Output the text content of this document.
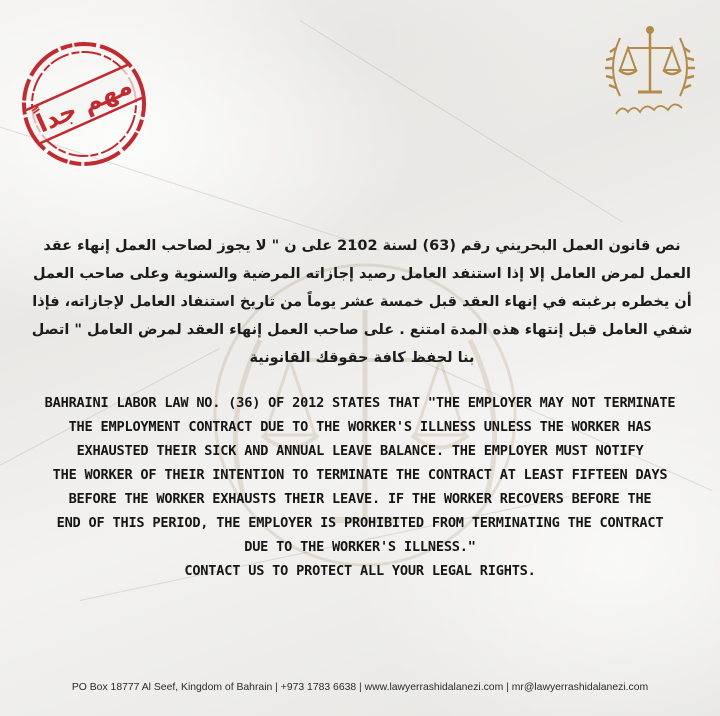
مهم جداً

نص قانون العمل البحريني رقم (63) لسنة 2102 على ن " لا يجوز لصاحب العمل إنهاء عقد العمل لمرض العامل إلا إذا استنفد العامل رصيد إجازاته المرضية والسنوية وعلى صاحب العمل أن يخطره برغبته في إنهاء العقد قبل خمسة عشر يوماً من تاريخ استنفاد العامل لإجازاته، فإذا شفي العامل قبل إنتهاء هذه المدة امتنع . على صاحب العمل إنهاء العقد لمرض العامل " اتصل بنا لحفظ كافة حقوقك القانونية

BAHRAINI LABOR LAW NO. (36) OF 2012 STATES THAT "THE EMPLOYER MAY NOT TERMINATE
THE EMPLOYMENT CONTRACT DUE TO THE WORKER'S ILLNESS UNLESS THE WORKER HAS
EXHAUSTED THEIR SICK AND ANNUAL LEAVE BALANCE. THE EMPLOYER MUST NOTIFY
THE WORKER OF THEIR INTENTION TO TERMINATE THE CONTRACT AT LEAST FIFTEEN DAYS
BEFORE THE WORKER EXHAUSTS THEIR LEAVE. IF THE WORKER RECOVERS BEFORE THE
END OF THIS PERIOD, THE EMPLOYER IS PROHIBITED FROM TERMINATING THE CONTRACT
DUE TO THE WORKER'S ILLNESS."

CONTACT US TO PROTECT ALL YOUR LEGAL RIGHTS.

PO Box 18777 Al Seef, Kingdom of Bahrain | +973 1783 6638 | www.lawyerrashidalanezi.com | mr@lawyerrashidalanezi.com
